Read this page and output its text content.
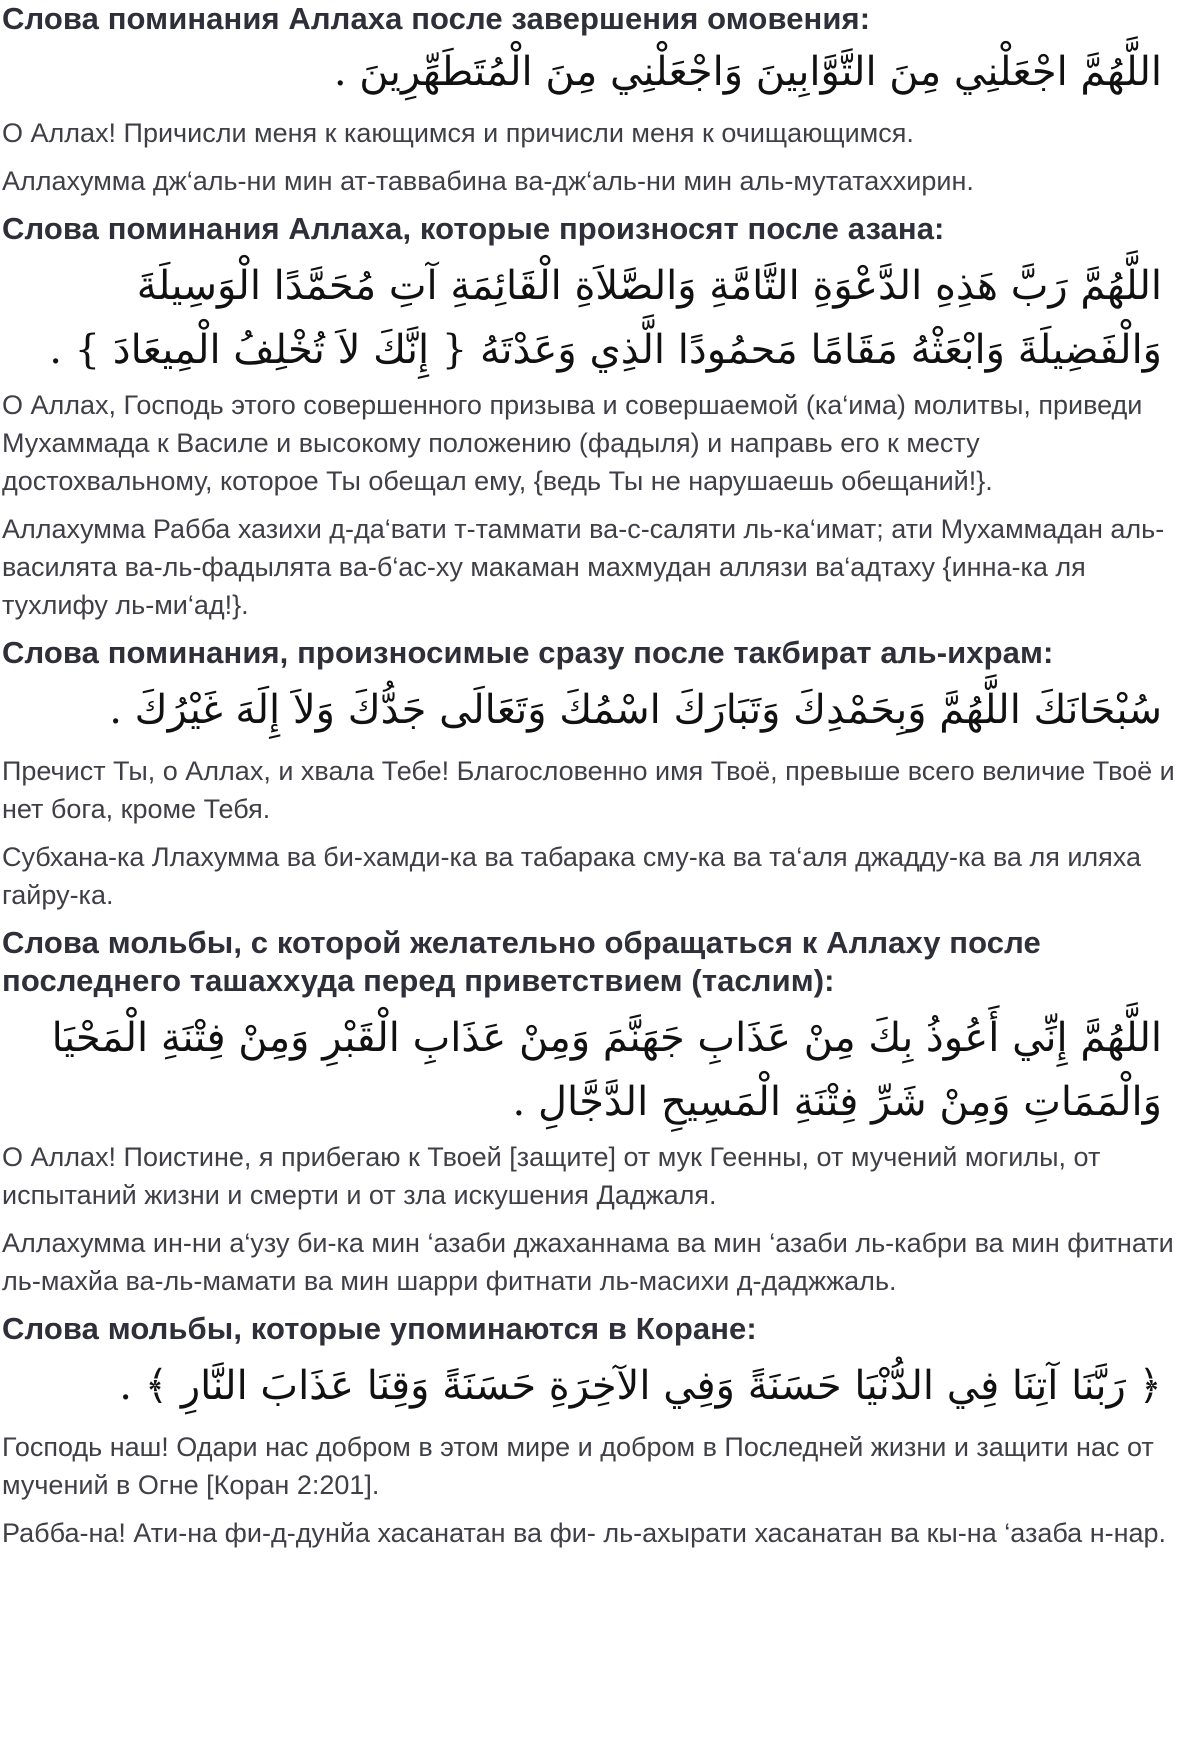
Слова поминания Аллаха после завершения омовения:
اللَّهُمَّ اجْعَلْنِي مِنَ التَّوَّابِينَ وَاجْعَلْنِي مِنَ الْمُتَطَهِّرِينَ .

О Аллах! Причисли меня к кающимся и причисли меня к очищающимся.

Аллахумма дж‘аль-ни мин ат-таввабина ва-дж‘аль-ни мин аль-мутатаххирин.

Слова поминания Аллаха, которые произносят после азана:
اللَّهُمَّ رَبَّ هَذِهِ الدَّعْوَةِ التَّامَّةِ وَالصَّلاَةِ الْقَائِمَةِ آتِ مُحَمَّدًا الْوَسِيلَةَ وَالْفَضِيلَةَ وَابْعَثْهُ مَقَامًا مَحمُودًا الَّذِي وَعَدْتَهُ { إِنَّكَ لاَ تُخْلِفُ الْمِيعَادَ } .

О Аллах, Господь этого совершенного призыва и совершаемой (ка‘има) молитвы, приведи Мухаммада к Василе и высокому положению (фадыля) и направь его к месту достохвальному, которое Ты обещал ему, {ведь Ты не нарушаешь обещаний!}.

Аллахумма Рабба хазихи д-да‘вати т-таммати ва-с-саляти ль-ка‘имат; ати Мухаммадан аль-василята ва-ль-фадылята ва-б‘ас-ху макаман махмудан аллязи ва‘адтаху {инна-ка ля тухлифу ль-ми‘ад!}.

Слова поминания, произносимые сразу после такбират аль-ихрам:
سُبْحَانَكَ اللَّهُمَّ وَبِحَمْدِكَ وَتَبَارَكَ اسْمُكَ وَتَعَالَى جَدُّكَ وَلاَ إِلَهَ غَيْرُكَ .

Пречист Ты, о Аллах, и хвала Тебе! Благословенно имя Твоё, превыше всего величие Твоё и нет бога, кроме Тебя.

Субхана-ка Ллахумма ва би-хамди-ка ва табарака сму-ка ва та‘аля джадду-ка ва ля иляха гайру-ка.

Слова мольбы, с которой желательно обращаться к Аллаху после последнего ташаххуда перед приветствием (таслим):
اللَّهُمَّ إِنِّي أَعُوذُ بِكَ مِنْ عَذَابِ جَهَنَّمَ وَمِنْ عَذَابِ الْقَبْرِ وَمِنْ فِتْنَةِ الْمَحْيَا وَالْمَمَاتِ وَمِنْ شَرِّ فِتْنَةِ الْمَسِيحِ الدَّجَّالِ .

О Аллах! Поистине, я прибегаю к Твоей [защите] от мук Геенны, от мучений могилы, от испытаний жизни и смерти и от зла искушения Даджаля.

Аллахумма ин-ни а‘узу би-ка мин ‘азаби джаханнама ва мин ‘азаби ль-кабри ва мин фитнати ль-махйа ва-ль-мамати ва мин шарри фитнати ль-масихи д-даджжаль.

Слова мольбы, которые упоминаются в Коране:
﴿ رَبَّنَا آتِنَا فِي الدُّنْيَا حَسَنَةً وَفِي الآخِرَةِ حَسَنَةً وَقِنَا عَذَابَ النَّارِ ﴾ .

Господь наш! Одари нас добром в этом мире и добром в Последней жизни и защити нас от мучений в Огне [Коран 2:201].

Рабба-на! Ати-на фи-д-дунйа хасанатан ва фи- ль-ахырати хасанатан ва кы-на ‘азаба н-нар.
